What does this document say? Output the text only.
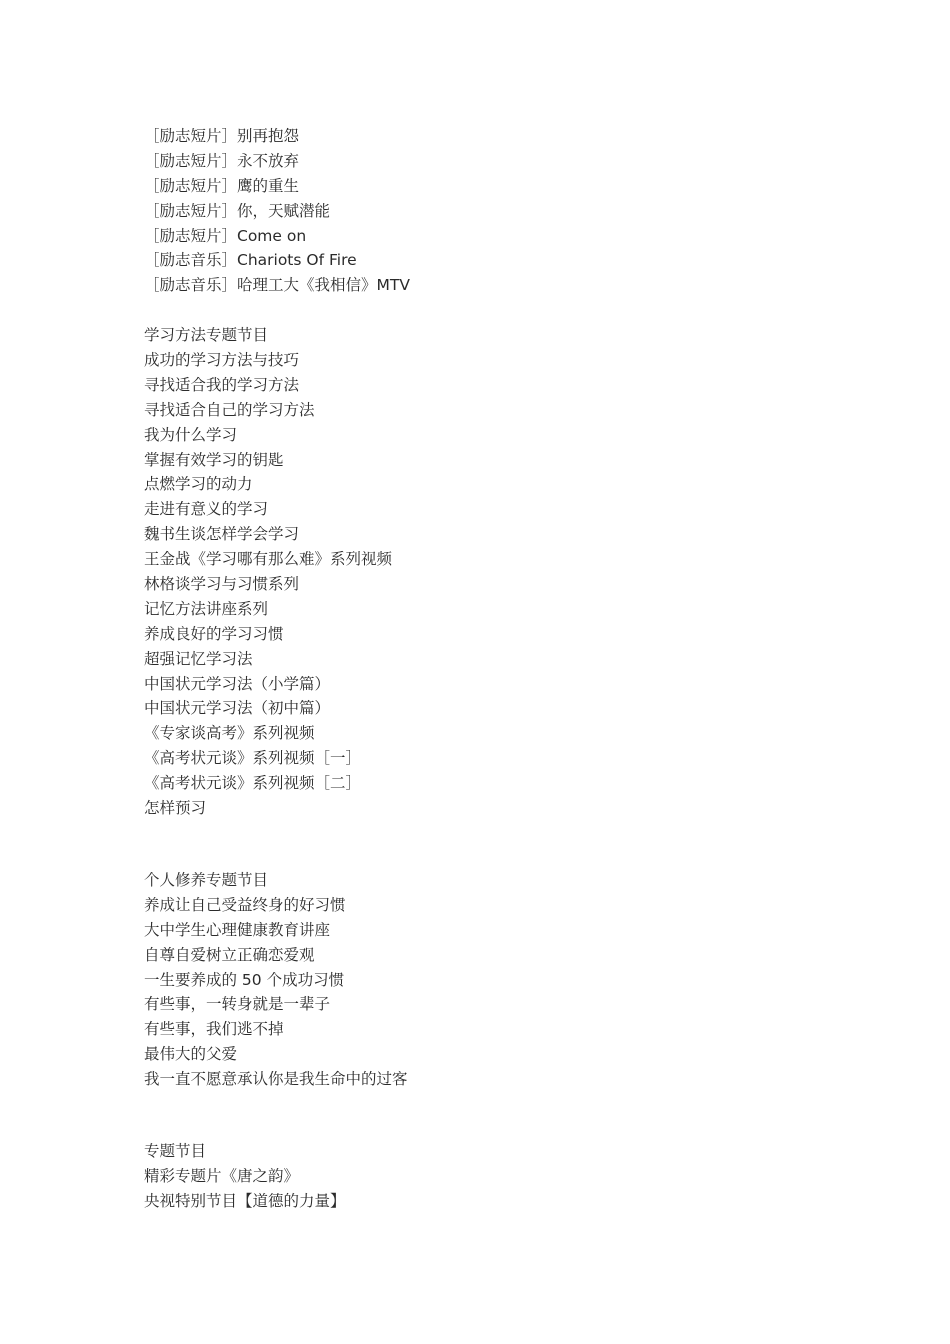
［励志短片］别再抱怨
［励志短片］永不放弃
［励志短片］鹰的重生
［励志短片］你，天赋潜能
［励志短片］Come on
［励志音乐］Chariots Of Fire
［励志音乐］哈理工大《我相信》MTV
学习方法专题节目
成功的学习方法与技巧
寻找适合我的学习方法
寻找适合自己的学习方法
我为什么学习
掌握有效学习的钥匙
点燃学习的动力
走进有意义的学习
魏书生谈怎样学会学习
王金战《学习哪有那么难》系列视频
林格谈学习与习惯系列
记忆方法讲座系列
养成良好的学习习惯
超强记忆学习法
中国状元学习法（小学篇）
中国状元学习法（初中篇）
《专家谈高考》系列视频
《高考状元谈》系列视频［一］
《高考状元谈》系列视频［二］
怎样预习
个人修养专题节目
养成让自己受益终身的好习惯
大中学生心理健康教育讲座
自尊自爱树立正确恋爱观
一生要养成的 50 个成功习惯
有些事，一转身就是一辈子
有些事，我们逃不掉
最伟大的父爱
我一直不愿意承认你是我生命中的过客
专题节目
精彩专题片《唐之韵》
央视特别节目【道德的力量】
